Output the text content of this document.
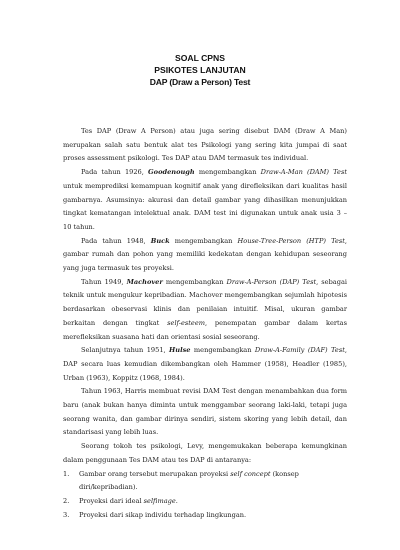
SOAL CPNS
PSIKOTES LANJUTAN
DAP (Draw a Person) Test

Tes DAP (Draw A Person) atau juga sering disebut DAM (Draw A Man) merupakan salah satu bentuk alat tes Psikologi yang sering kita jumpai di saat proses assessment psikologi. Tes DAP atau DAM termasuk tes individual.

Pada tahun 1926, Goodenough mengembangkan Draw-A-Man (DAM) Test untuk memprediksi kemampuan kognitif anak yang direfleksikan dari kualitas hasil gambarnya. Asumsinya: akurasi dan detail gambar yang dihasilkan menunjukkan tingkat kematangan intelektual anak. DAM test ini digunakan untuk anak usia 3 – 10 tahun.

Pada tahun 1948, Buck mengembangkan House-Tree-Person (HTP) Test, gambar rumah dan pohon yang memiliki kedekatan dengan kehidupan seseorang yang juga termasuk tes proyeksi.

Tahun 1949, Machover mengembangkan Draw-A-Person (DAP) Test, sebagai teknik untuk mengukur kepribadian. Machover mengembangkan sejumlah hipotesis berdasarkan obeservasi klinis dan penilaian intuitif. Misal, ukuran gambar berkaitan dengan tingkat self-esteem, penempatan gambar dalam kertas merefleksikan suasana hati dan orientasi sosial seseorang.

Selanjutnya tahun 1951, Hulse mengembangkan Draw-A-Family (DAF) Test, DAP secara luas kemudian dikembangkan oleh Hammer (1958), Headler (1985), Urban (1963), Koppitz (1968, 1984).

Tahun 1963, Harris membuat revisi DAM Test dengan menambahkan dua form baru (anak bukan hanya diminta untuk menggambar seorang laki-laki, tetapi juga seorang wanita, dan gambar dirinya sendiri, sistem skoring yang lebih detail, dan standarisasi yang lebih luas.

Seorang tokoh tes psikologi, Levy, mengemukakan beberapa kemungkinan dalam penggunaan Tes DAM atau tes DAP di antaranya:

1. Gambar orang tersebut merupakan proyeksi self concept (konsep diri/kepribadian).
2. Proyeksi dari ideal selfimage.
3. Proyeksi dari sikap individu terhadap lingkungan.
